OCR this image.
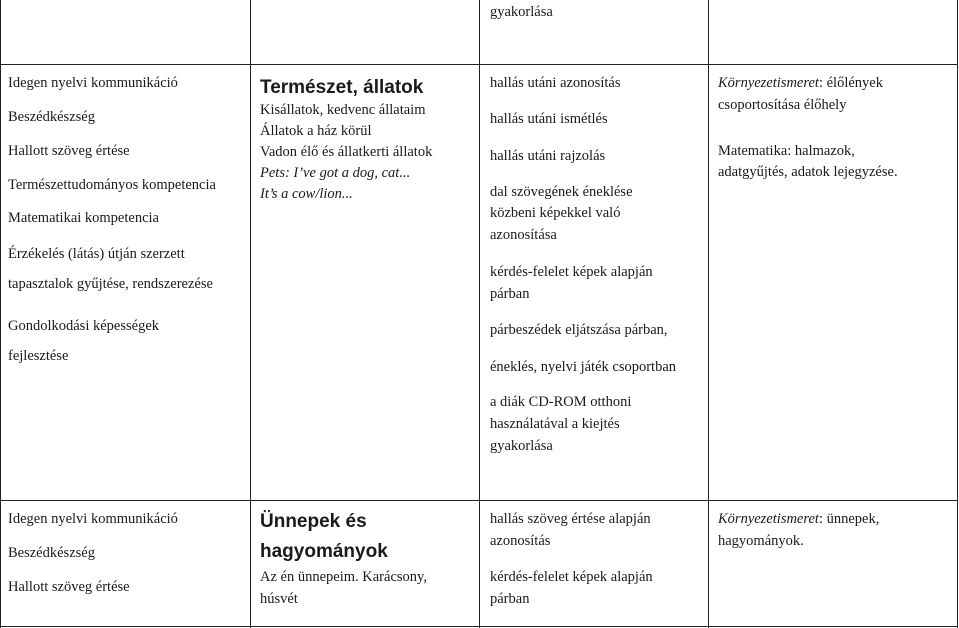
gyakorlása

Idegen nyelvi kommunikáció

Beszédkészség

Hallott szöveg értése

Természettudományos kompetencia

Matematikai kompetencia

Érzékelés (látás) útján szerzett

tapasztalok gyűjtése, rendszerezése

Gondolkodási képességek

fejlesztése

Természet, állatok

Kisállatok, kedvenc állataim

Állatok a ház körül

Vadon élő és állatkerti állatok

Pets: I’ve got a dog, cat...

It’s a cow/lion...

hallás utáni azonosítás

hallás utáni ismétlés

hallás utáni rajzolás

dal szövegének éneklése

közbeni képekkel való

azonosítása

kérdés-felelet képek alapján

párban

párbeszédek eljátszása párban,

éneklés, nyelvi játék csoportban

a diák CD-ROM otthoni

használatával a kiejtés

gyakorlása

Környezetismeret: élőlények

csoportosítása élőhely

Matematika: halmazok,

adatgyűjtés, adatok lejegyzése.

Idegen nyelvi kommunikáció

Beszédkészség

Hallott szöveg értése

Ünnepek és

hagyományok

Az én ünnepeim. Karácsony,

húsvét

hallás szöveg értése alapján

azonosítás

kérdés-felelet képek alapján

párban

Környezetismeret: ünnepek,

hagyományok.
